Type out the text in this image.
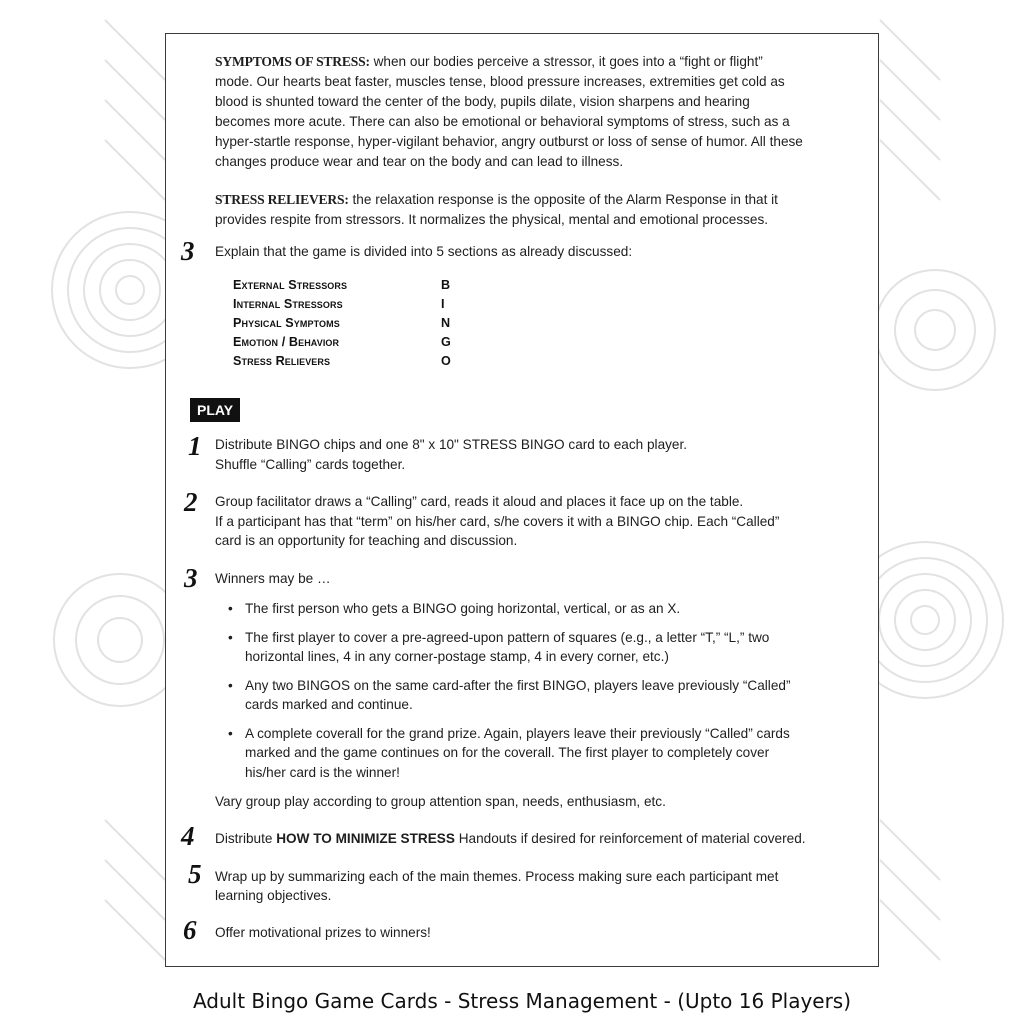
SYMPTOMS OF STRESS: when our bodies perceive a stressor, it goes into a “fight or flight”
mode. Our hearts beat faster, muscles tense, blood pressure increases, extremities get cold as
blood is shunted toward the center of the body, pupils dilate, vision sharpens and hearing
becomes more acute. There can also be emotional or behavioral symptoms of stress, such as a
hyper-startle response, hyper-vigilant behavior, angry outburst or loss of sense of humor. All these
changes produce wear and tear on the body and can lead to illness.
STRESS RELIEVERS: the relaxation response is the opposite of the Alarm Response in that it
provides respite from stressors. It normalizes the physical, mental and emotional processes.
3 Explain that the game is divided into 5 sections as already discussed:
External Stressors	B
Internal Stressors	I
Physical Symptoms	N
Emotion / Behavior	G
Stress Relievers	O
PLAY
1 Distribute BINGO chips and one 8" x 10" STRESS BINGO card to each player.
Shuffle “Calling” cards together.
2 Group facilitator draws a “Calling” card, reads it aloud and places it face up on the table.
If a participant has that “term” on his/her card, s/he covers it with a BINGO chip. Each “Called”
card is an opportunity for teaching and discussion.
3 Winners may be …
• The first person who gets a BINGO going horizontal, vertical, or as an X.
• The first player to cover a pre-agreed-upon pattern of squares (e.g., a letter “T,” “L,” two
horizontal lines, 4 in any corner-postage stamp, 4 in every corner, etc.)
• Any two BINGOS on the same card-after the first BINGO, players leave previously “Called”
cards marked and continue.
• A complete coverall for the grand prize. Again, players leave their previously “Called” cards
marked and the game continues on for the coverall. The first player to completely cover
his/her card is the winner!
Vary group play according to group attention span, needs, enthusiasm, etc.
4 Distribute HOW TO MINIMIZE STRESS Handouts if desired for reinforcement of material covered.
5 Wrap up by summarizing each of the main themes. Process making sure each participant met
learning objectives.
6 Offer motivational prizes to winners!
Adult Bingo Game Cards - Stress Management - (Upto 16 Players)
